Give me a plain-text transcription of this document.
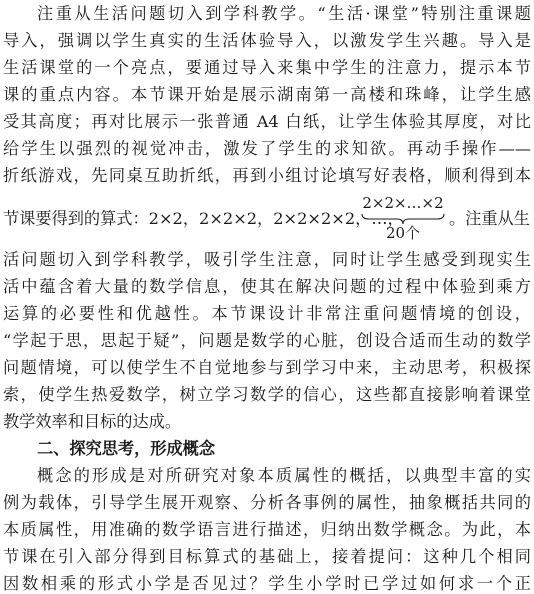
注重从生活问题切入到学科教学。“生活·课堂”特别注重课题
导入，强调以学生真实的生活体验导入，以激发学生兴趣。导入是
生活课堂的一个亮点，要通过导入来集中学生的注意力，提示本节
课的重点内容。本节课开始是展示湖南第一高楼和珠峰，让学生感
受其高度；再对比展示一张普通 A4 白纸，让学生体验其厚度，对比
给学生以强烈的视觉冲击，激发了学生的求知欲。再动手操作——
折纸游戏，先同桌互助折纸，再到小组讨论填写好表格，顺利得到本
节课要得到的算式：2×2，2×2×2，2×2×2×2，…，
2×2×…×2
20个
。注重从生
活问题切入到学科教学，吸引学生注意，同时让学生感受到现实生
活中蕴含着大量的数学信息，使其在解决问题的过程中体验到乘方
运算的必要性和优越性。本节课设计非常注重问题情境的创设，
“学起于思，思起于疑”，问题是数学的心脏，创设合适而生动的数学
问题情境，可以使学生不自觉地参与到学习中来，主动思考，积极探
索，使学生热爱数学，树立学习数学的信心，这些都直接影响着课堂
教学效率和目标的达成。
二、探究思考，形成概念
概念的形成是对所研究对象本质属性的概括，以典型丰富的实
例为载体，引导学生展开观察、分析各事例的属性，抽象概括共同的
本质属性，用准确的数学语言进行描述，归纳出数学概念。为此，本
节课在引入部分得到目标算式的基础上，接着提问：这种几个相同
因数相乘的形式小学是否见过？学生小学时已学过如何求一个正
